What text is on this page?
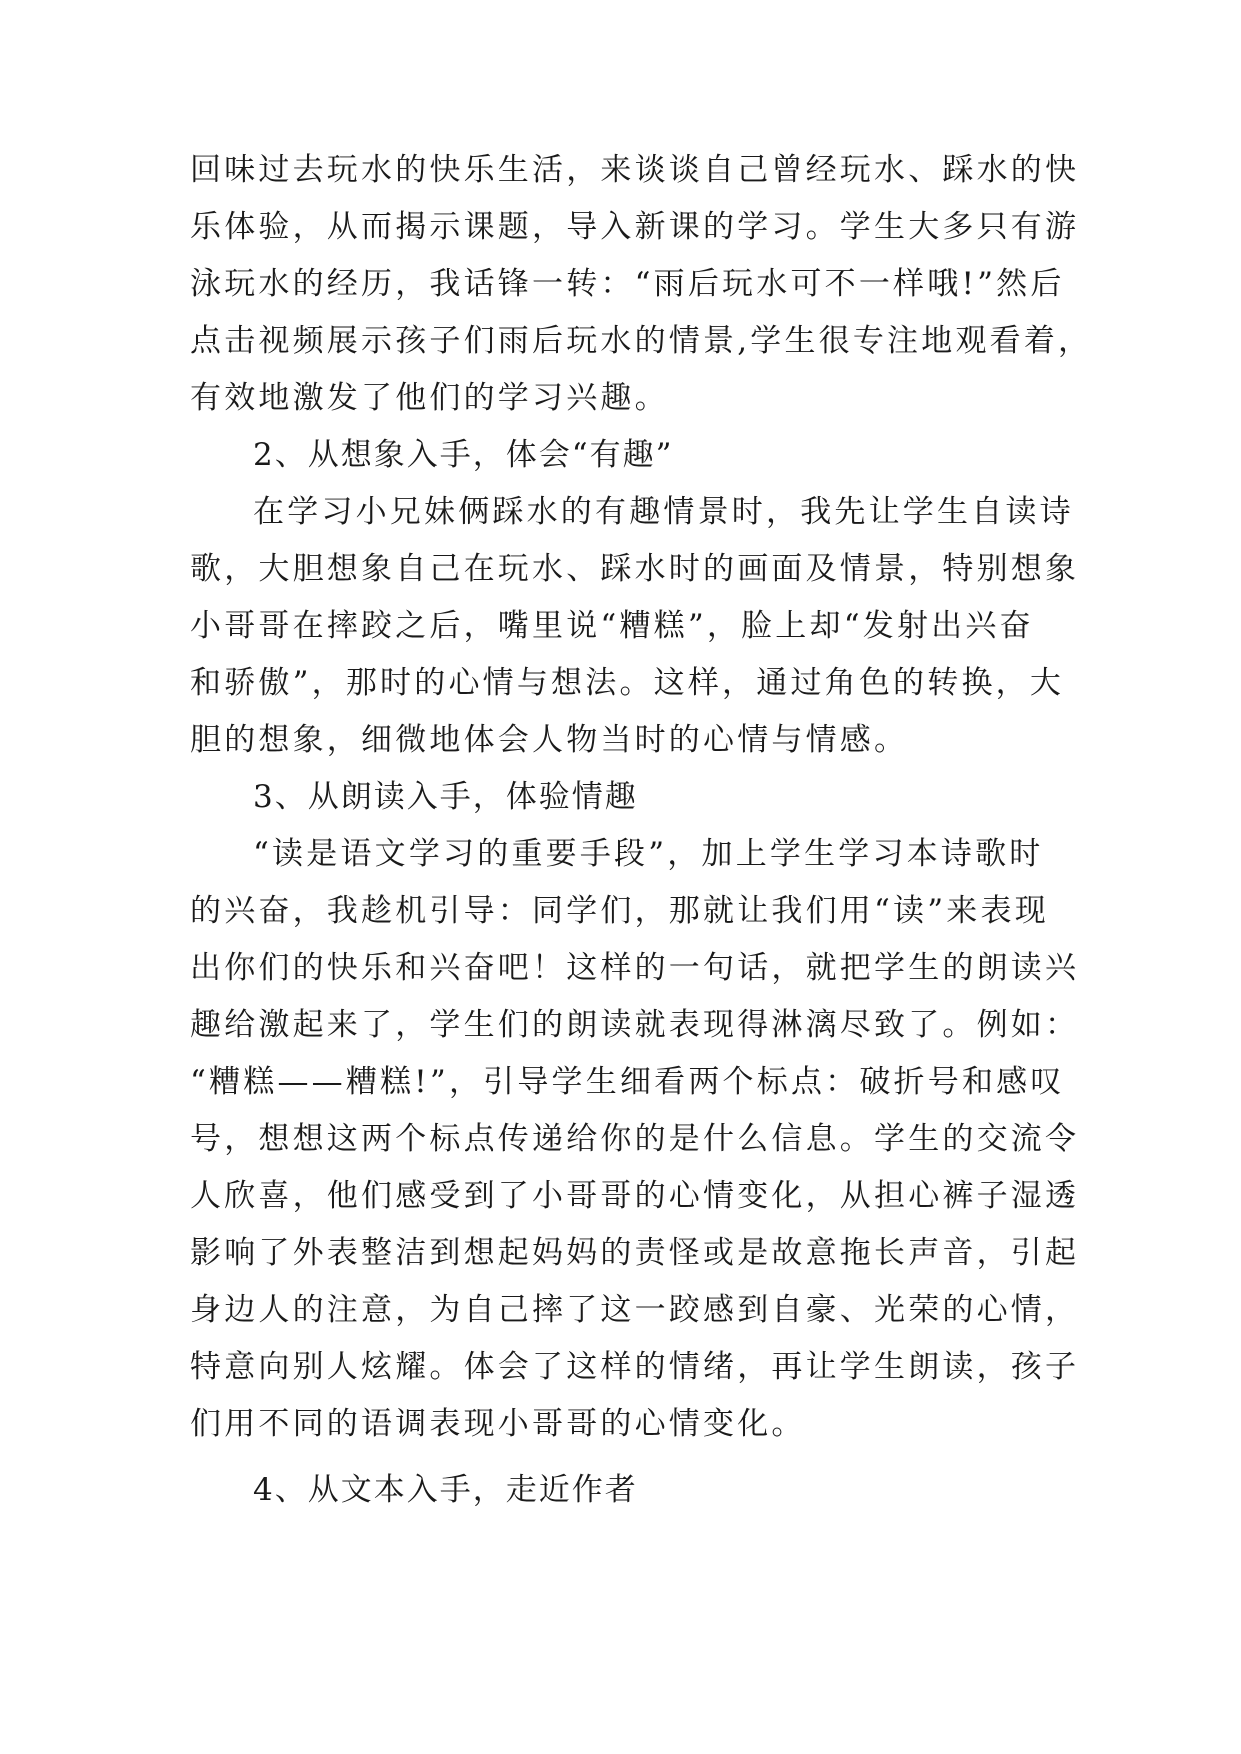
回味过去玩水的快乐生活，来谈谈自己曾经玩水、踩水的快
乐体验，从而揭示课题，导入新课的学习。学生大多只有游
泳玩水的经历，我话锋一转：“雨后玩水可不一样哦!”然后
点击视频展示孩子们雨后玩水的情景,学生很专注地观看着，
有效地激发了他们的学习兴趣。
2、从想象入手，体会“有趣”
在学习小兄妹俩踩水的有趣情景时，我先让学生自读诗
歌，大胆想象自己在玩水、踩水时的画面及情景，特别想象
小哥哥在摔跤之后，嘴里说“糟糕”，脸上却“发射出兴奋
和骄傲”，那时的心情与想法。这样，通过角色的转换，大
胆的想象，细微地体会人物当时的心情与情感。
3、从朗读入手，体验情趣
“读是语文学习的重要手段”，加上学生学习本诗歌时
的兴奋，我趁机引导：同学们，那就让我们用“读”来表现
出你们的快乐和兴奋吧！这样的一句话，就把学生的朗读兴
趣给激起来了，学生们的朗读就表现得淋漓尽致了。例如：
“糟糕——糟糕!”，引导学生细看两个标点：破折号和感叹
号，想想这两个标点传递给你的是什么信息。学生的交流令
人欣喜，他们感受到了小哥哥的心情变化，从担心裤子湿透
影响了外表整洁到想起妈妈的责怪或是故意拖长声音，引起
身边人的注意，为自己摔了这一跤感到自豪、光荣的心情，
特意向别人炫耀。体会了这样的情绪，再让学生朗读，孩子
们用不同的语调表现小哥哥的心情变化。
4、从文本入手，走近作者
